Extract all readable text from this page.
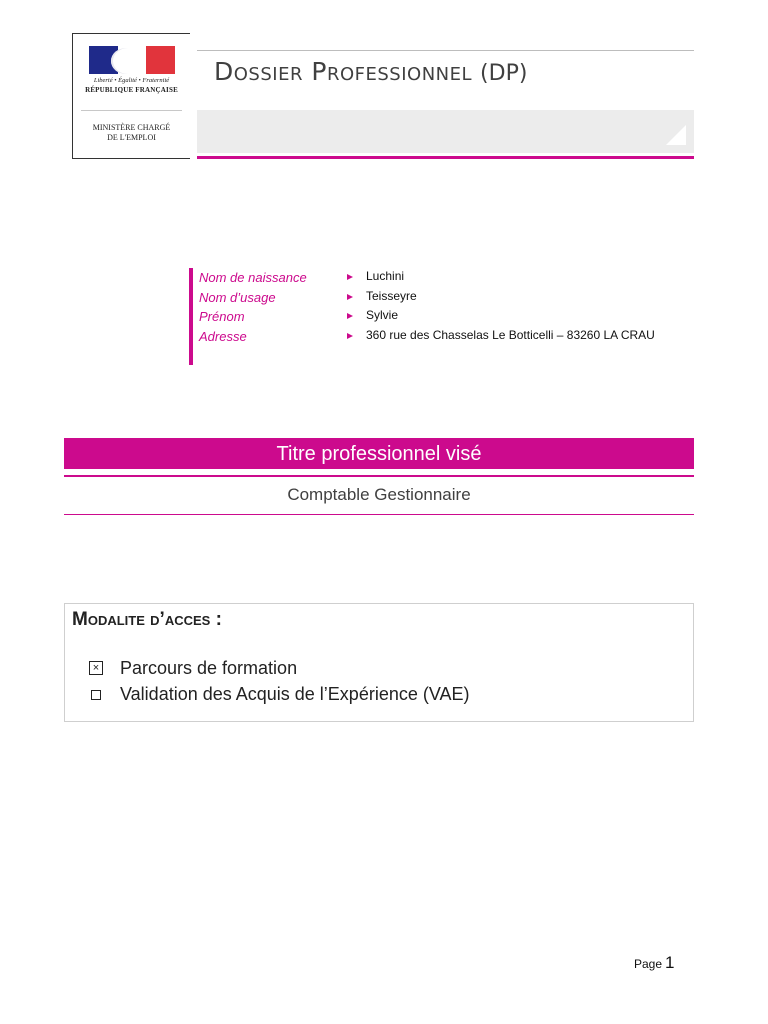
Liberté • Égalité • Fraternité
RÉPUBLIQUE FRANÇAISE
MINISTÈRE CHARGÉ
DE L'EMPLOI
Dossier Professionnel (DP)
Nom de naissance	Luchini
Nom d’usage	Teisseyre
Prénom	Sylvie
Adresse	360 rue des Chasselas Le Botticelli – 83260 LA CRAU
Titre professionnel visé
Comptable Gestionnaire
Modalite d’acces :
× Parcours de formation
Validation des Acquis de l’Expérience (VAE)
Page 1
